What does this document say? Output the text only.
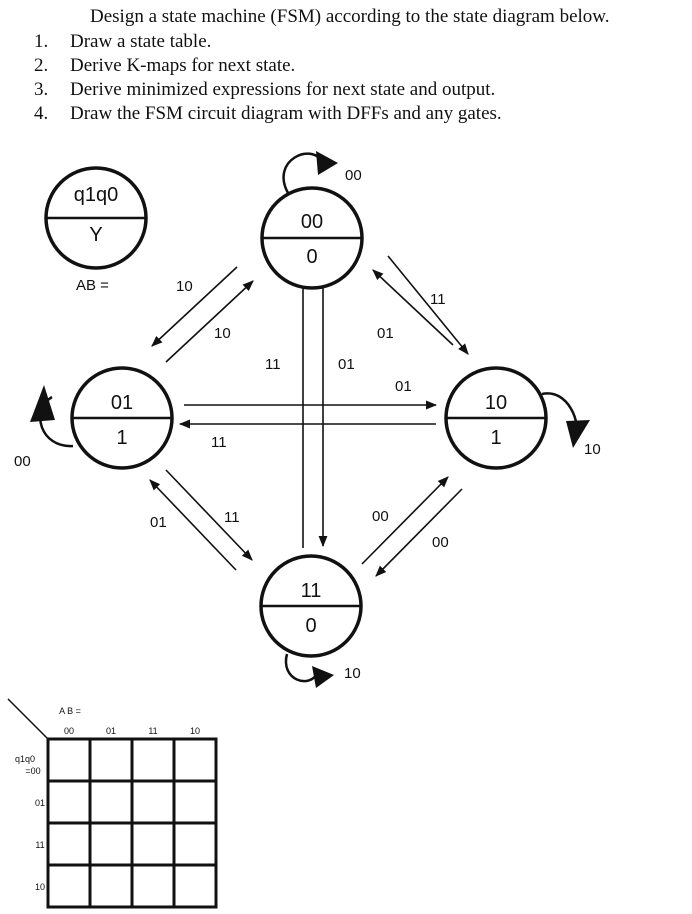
Design a state machine (FSM) according to the state diagram below.
1. Draw a state table.
2. Derive K-maps for next state.
3. Derive minimized expressions for next state and output.
4. Draw the FSM circuit diagram with DFFs and any gates.
q1q0
Y
AB =
00
0
01
1
10
1
11
0
00
00
10
10
10
10
11
01
11	01
01
11
01	11	00
00
A B =
00	01	11	10
q1q0
=00
01
11
10
